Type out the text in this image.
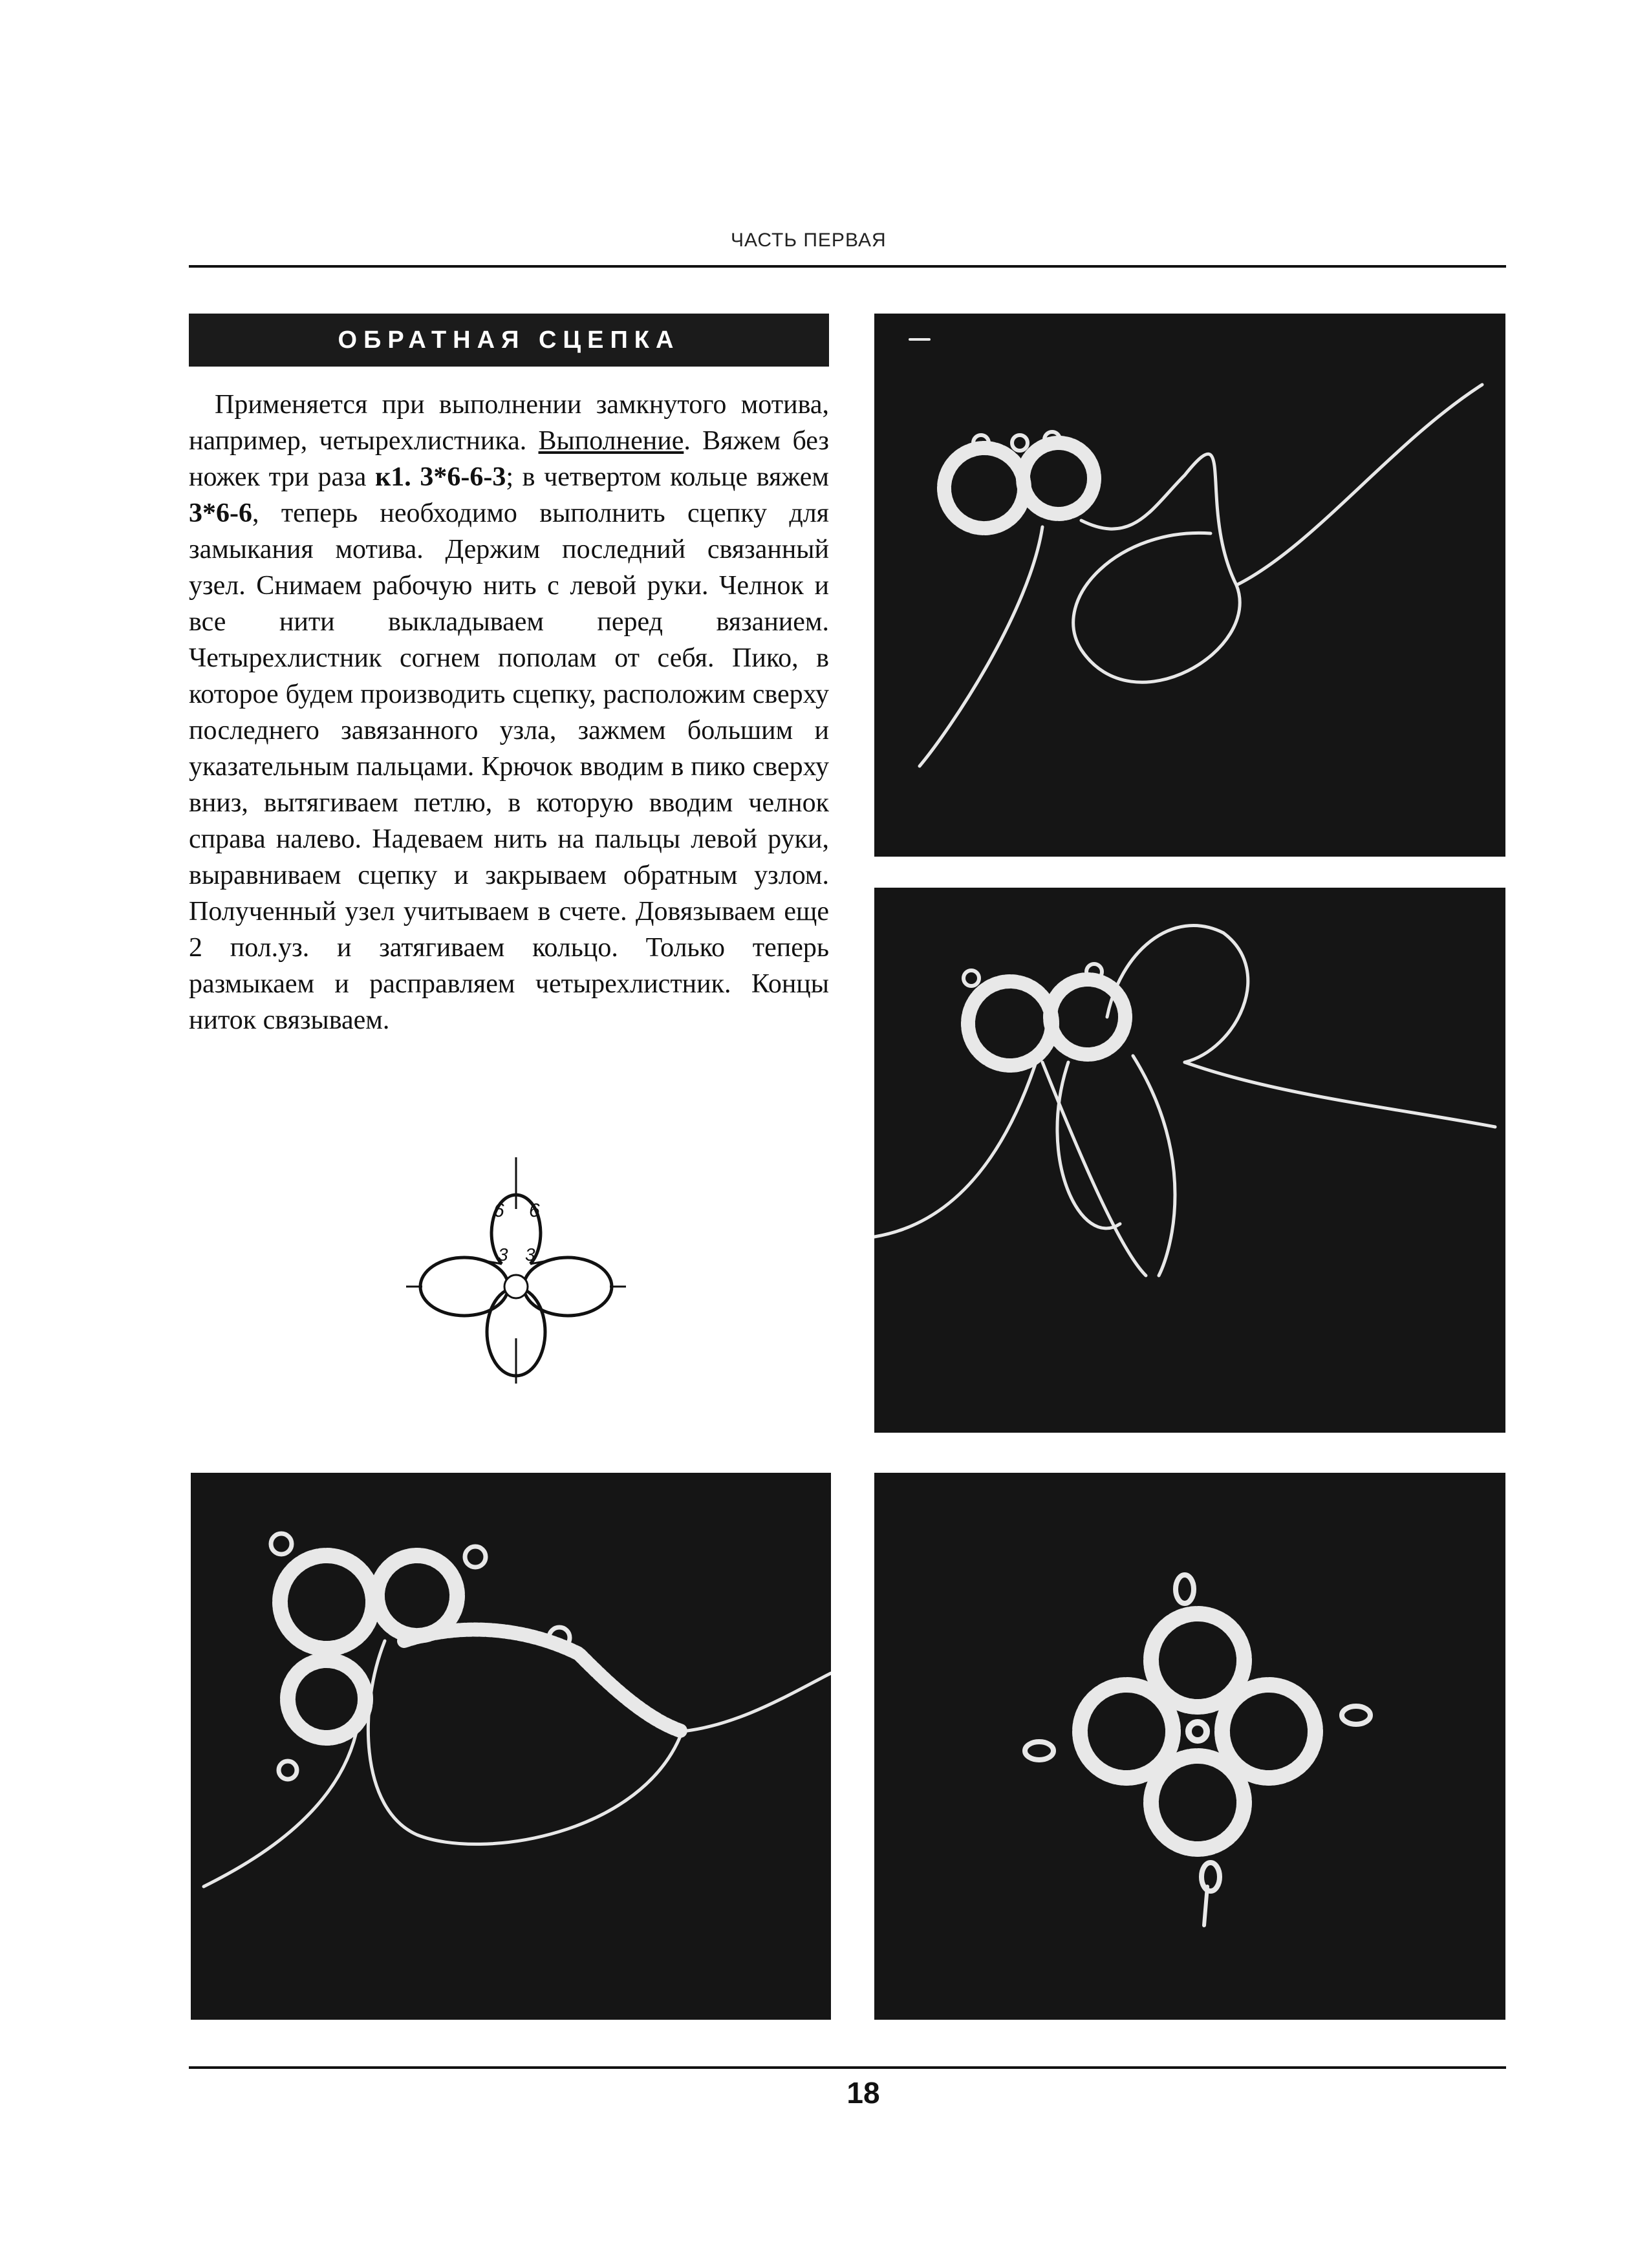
ЧАСТЬ ПЕРВАЯ
ОБРАТНАЯ СЦЕПКА

Применяется при выполнении замкнутого мотива, например, четырехлистника. Выполнение. Вяжем без ножек три раза к1. 3*6-6-3; в четвертом кольце вяжем 3*6-6, теперь необходимо выполнить сцепку для замыкания мотива. Держим последний связанный узел. Снимаем рабочую нить с левой руки. Челнок и все нити выкладываем перед вязанием. Четырехлистник согнем пополам от себя. Пико, в которое будем производить сцепку, расположим сверху последнего завязанного узла, зажмем большим и указательным пальцами. Крючок вводим в пико сверху вниз, вытягиваем петлю, в которую вводим челнок справа налево. Надеваем нить на пальцы левой руки, выравниваем сцепку и закрываем обратным узлом. Полученный узел учитываем в счете. Довязываем еще 2 пол.уз. и затягиваем кольцо. Только теперь размыкаем и расправляем четырехлистник. Концы ниток связываем.

6 6
3 3
18
